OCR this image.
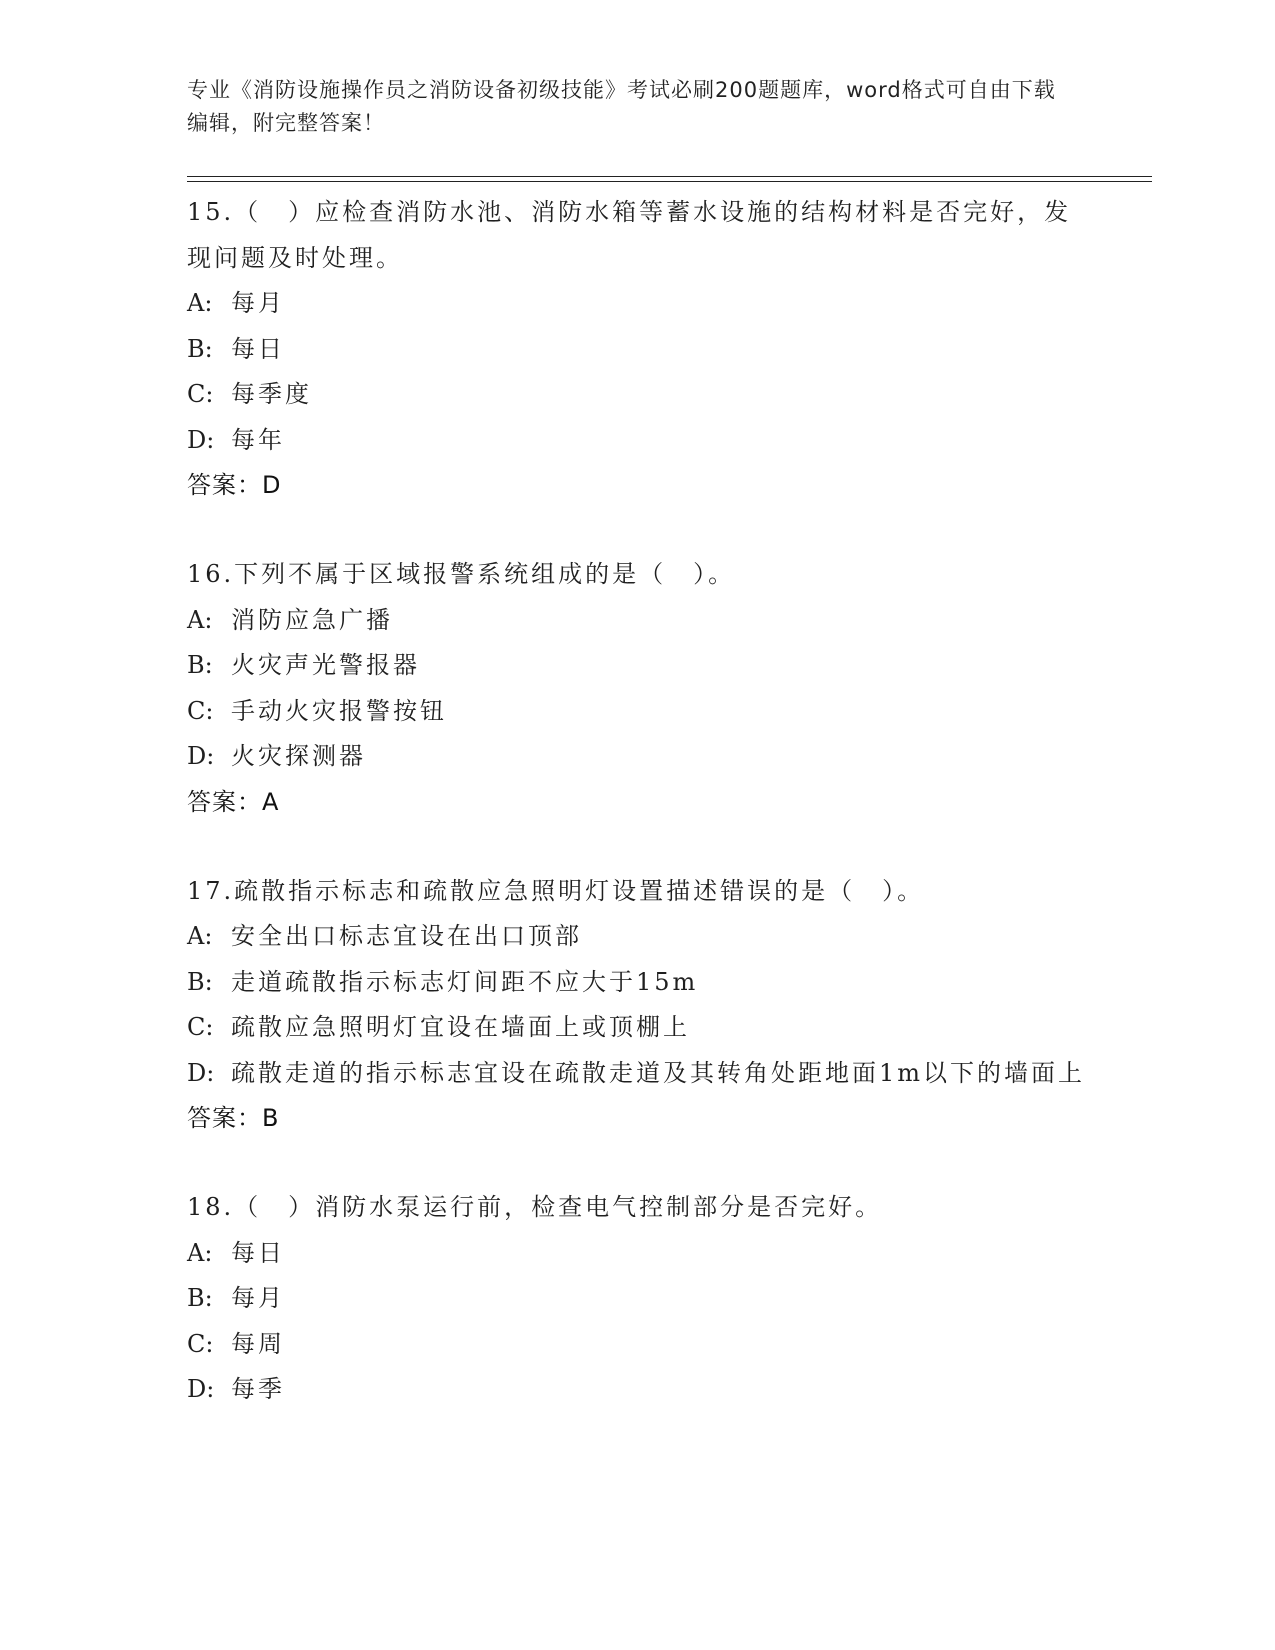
专业《消防设施操作员之消防设备初级技能》考试必刷200题题库，word格式可自由下载编辑，附完整答案！
15.（　）应检查消防水池、消防水箱等蓄水设施的结构材料是否完好，发现问题及时处理。
A: 每月
B: 每日
C: 每季度
D: 每年
答案：D
16.下列不属于区域报警系统组成的是（　）。
A: 消防应急广播
B: 火灾声光警报器
C: 手动火灾报警按钮
D: 火灾探测器
答案：A
17.疏散指示标志和疏散应急照明灯设置描述错误的是（　）。
A: 安全出口标志宜设在出口顶部
B: 走道疏散指示标志灯间距不应大于15m
C: 疏散应急照明灯宜设在墙面上或顶棚上
D: 疏散走道的指示标志宜设在疏散走道及其转角处距地面1m以下的墙面上
答案：B
18.（　）消防水泵运行前，检查电气控制部分是否完好。
A: 每日
B: 每月
C: 每周
D: 每季
